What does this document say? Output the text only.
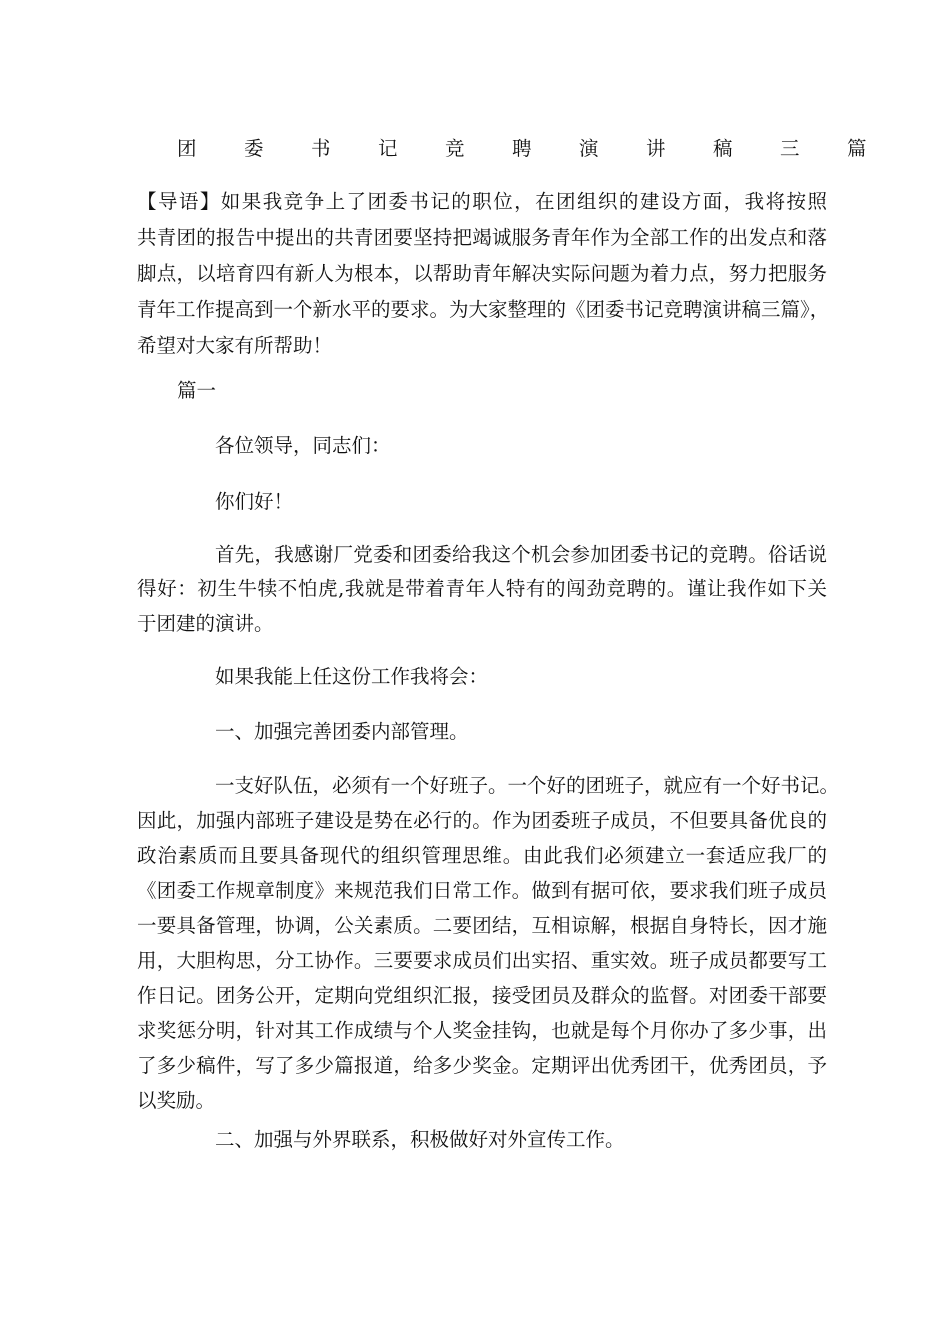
团委书记竞聘演讲稿三篇
【导语】如果我竞争上了团委书记的职位，在团组织的建设方面，我将按照
共青团的报告中提出的共青团要坚持把竭诚服务青年作为全部工作的出发点和落
脚点，以培育四有新人为根本，以帮助青年解决实际问题为着力点，努力把服务
青年工作提高到一个新水平的要求。为大家整理的《团委书记竞聘演讲稿三篇》，
希望对大家有所帮助！
篇一
各位领导，同志们：
你们好！
首先，我感谢厂党委和团委给我这个机会参加团委书记的竞聘。俗话说
得好：初生牛犊不怕虎,我就是带着青年人特有的闯劲竞聘的。谨让我作如下关
于团建的演讲。
如果我能上任这份工作我将会：
一、加强完善团委内部管理。
一支好队伍，必须有一个好班子。一个好的团班子，就应有一个好书记。
因此，加强内部班子建设是势在必行的。作为团委班子成员，不但要具备优良的
政治素质而且要具备现代的组织管理思维。由此我们必须建立一套适应我厂的
《团委工作规章制度》来规范我们日常工作。做到有据可依，要求我们班子成员
一要具备管理，协调，公关素质。二要团结，互相谅解，根据自身特长，因才施
用，大胆构思，分工协作。三要要求成员们出实招、重实效。班子成员都要写工
作日记。团务公开，定期向党组织汇报，接受团员及群众的监督。对团委干部要
求奖惩分明，针对其工作成绩与个人奖金挂钩，也就是每个月你办了多少事，出
了多少稿件，写了多少篇报道，给多少奖金。定期评出优秀团干，优秀团员，予
以奖励。
二、加强与外界联系，积极做好对外宣传工作。
